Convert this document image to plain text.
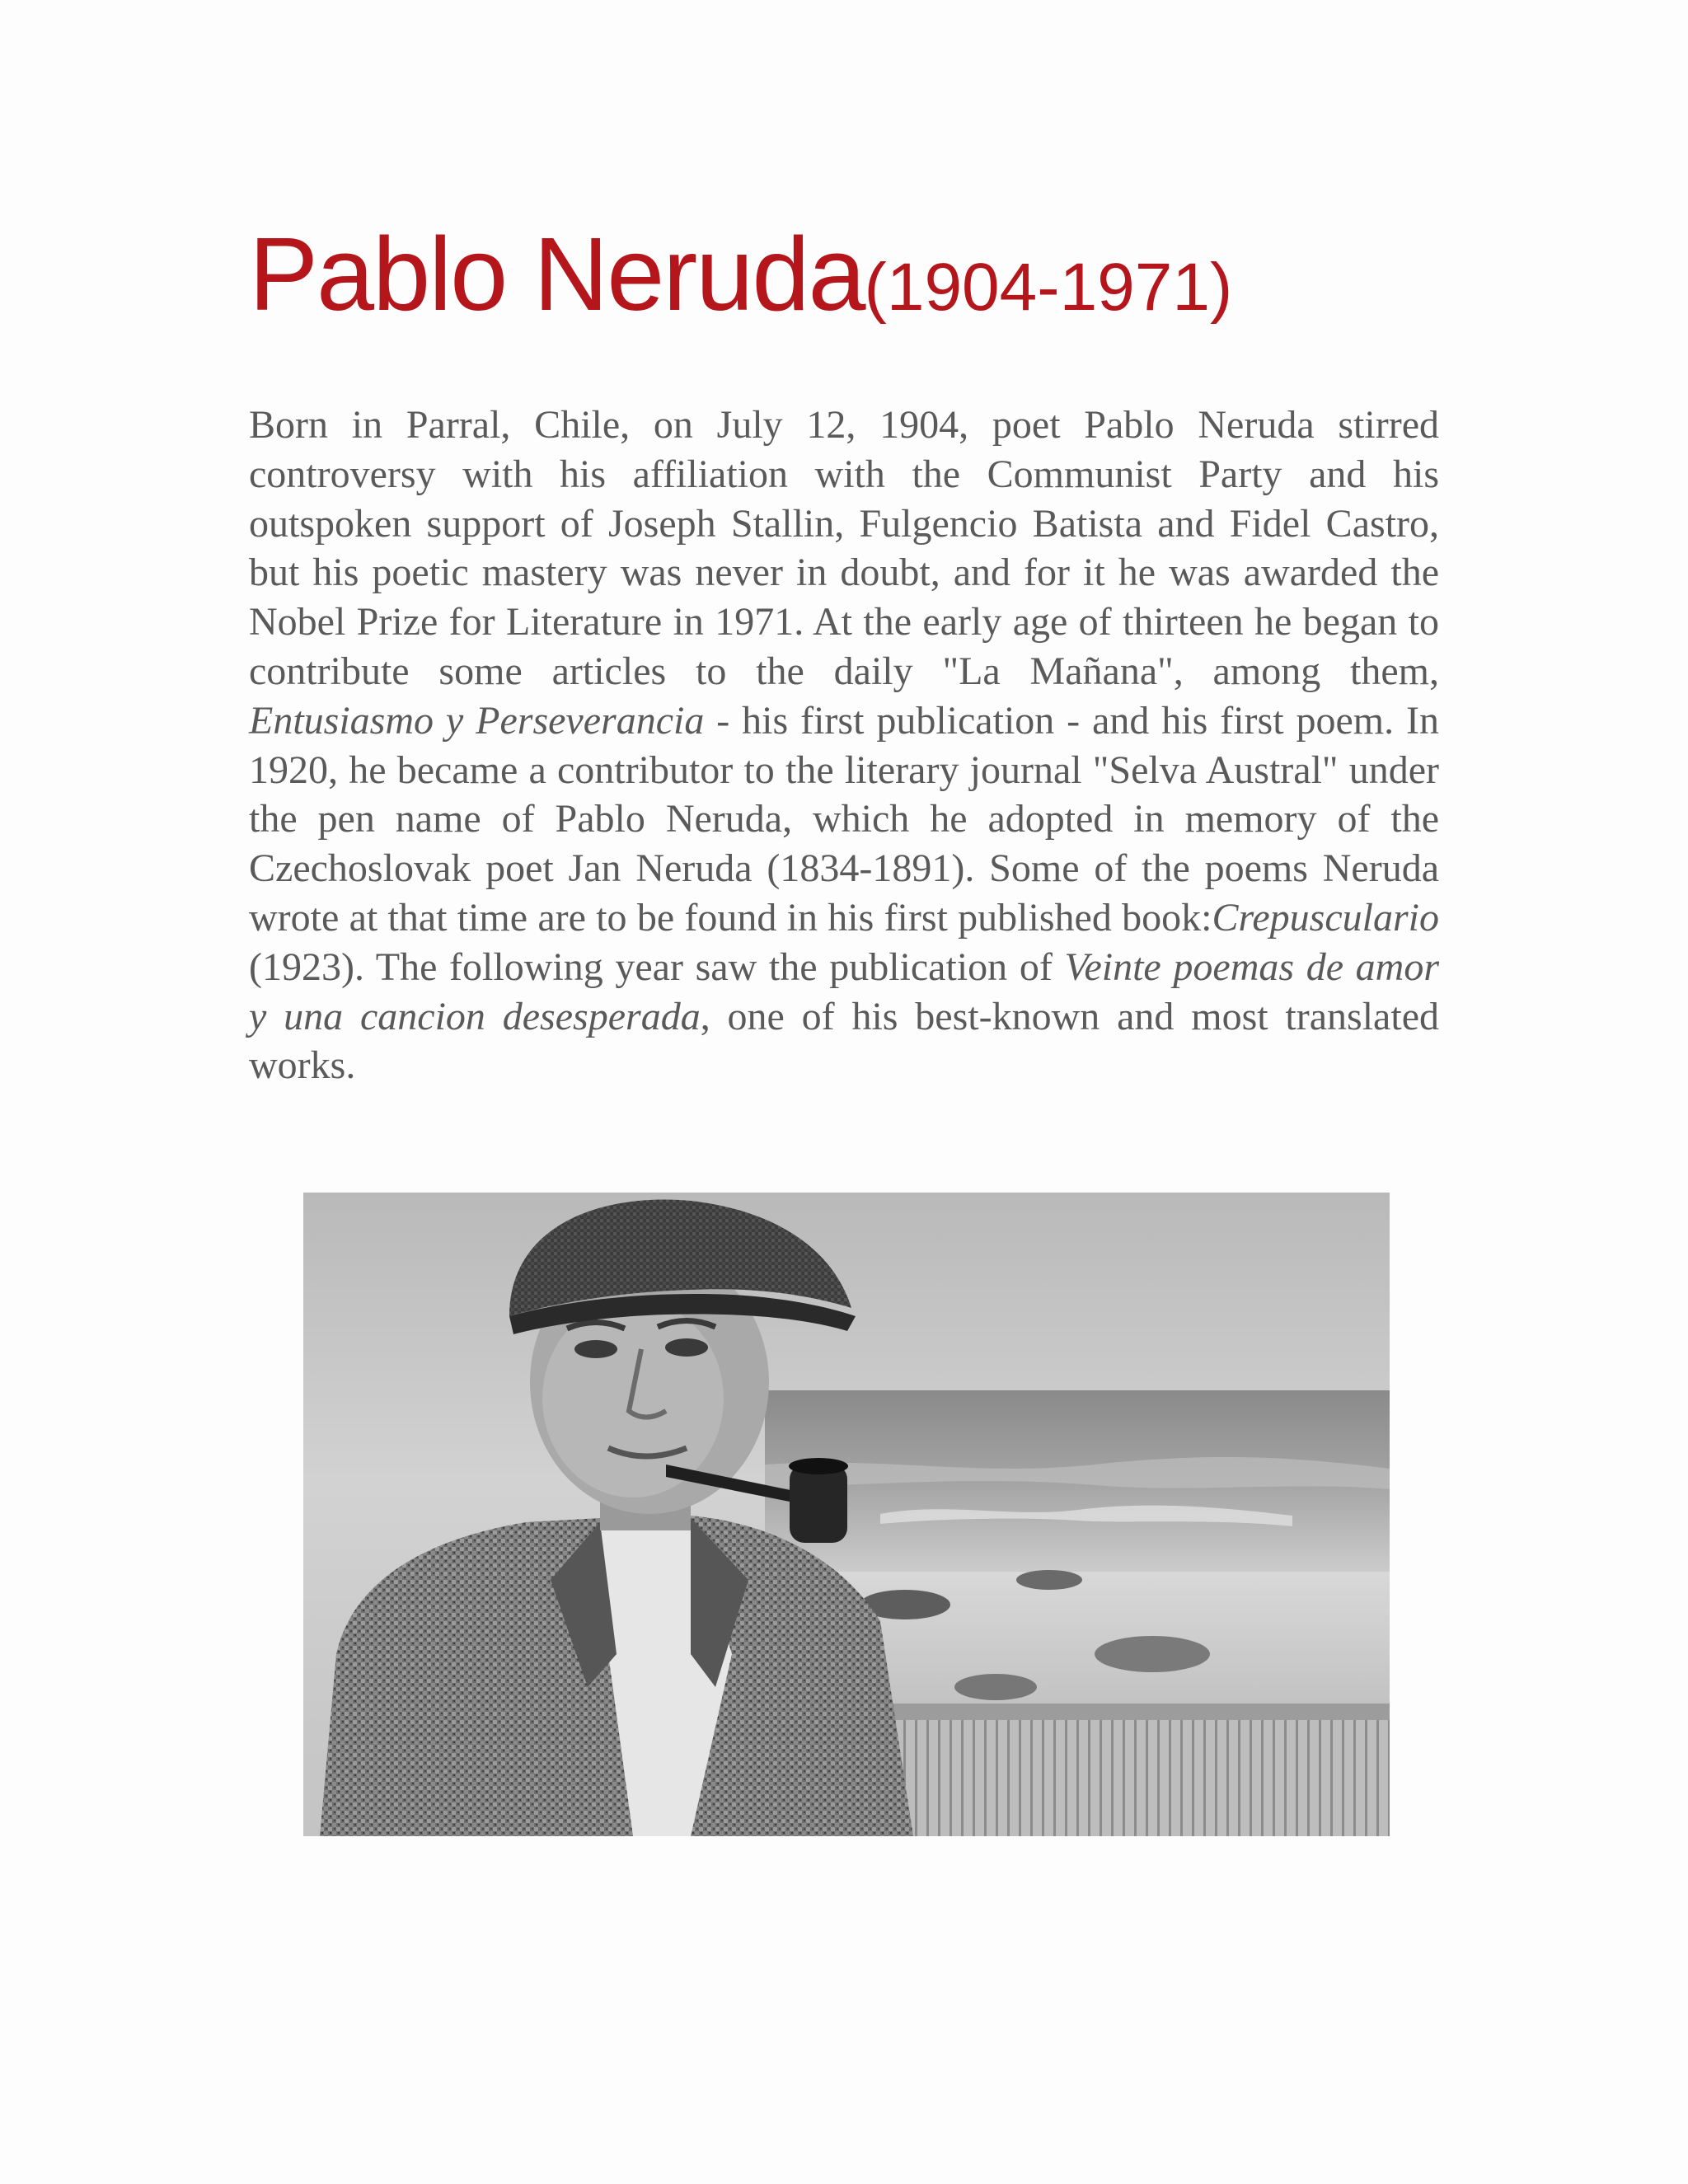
Pablo Neruda(1904-1971)

Born in Parral, Chile, on July 12, 1904, poet Pablo Neruda stirred controversy with his affiliation with the Communist Party and his outspoken support of Joseph Stallin, Fulgencio Batista and Fidel Castro, but his poetic mastery was never in doubt, and for it he was awarded the Nobel Prize for Literature in 1971. At the early age of thirteen he began to contribute some articles to the daily "La Mañana", among them, Entusiasmo y Perseverancia - his first publication - and his first poem. In 1920, he became a contributor to the literary journal "Selva Austral" under the pen name of Pablo Neruda, which he adopted in memory of the Czechoslovak poet Jan Neruda (1834-1891). Some of the poems Neruda wrote at that time are to be found in his first published book:Crepusculario (1923). The following year saw the publication of Veinte poemas de amor y una cancion desesperada, one of his best-known and most translated works.
